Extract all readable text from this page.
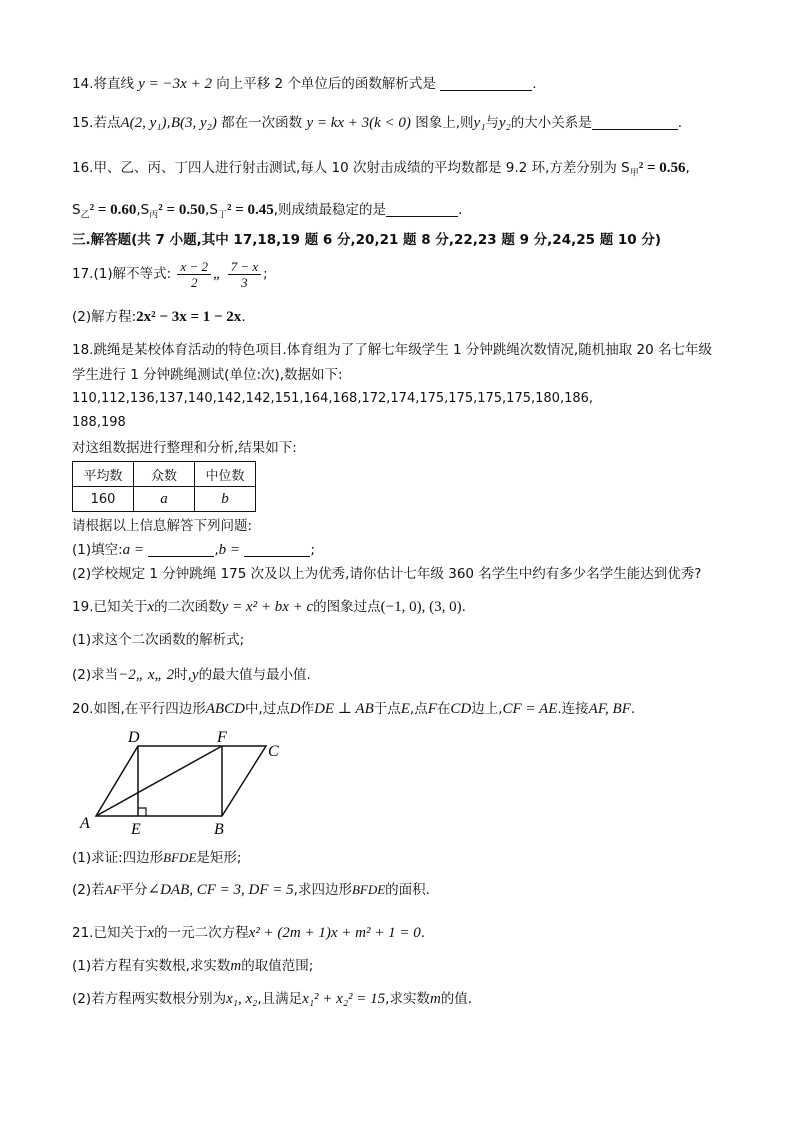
14.将直线 y = −3x + 2 向上平移 2 个单位后的函数解析式是	.
15.若点A(2, y₁),B(3, y₂) 都在一次函数 y = kx + 3(k < 0) 图象上,则y₁与y₂的大小关系是	.
16.甲、乙、丙、丁四人进行射击测试,每人 10 次射击成绩的平均数都是 9.2 环,方差分别为 $S_甲^2 = 0.56$,
$S_乙^2 = 0.60,S_丙^2 = 0.50,S_丁^2 = 0.45$,则成绩最稳定的是	.
三.解答题(共 7 小题,其中 17,18,19 题 6 分,20,21 题 8 分,22,23 题 9 分,24,25 题 10 分)
17.(1)解不等式: $\frac{x - 2}{2}$ „ $\frac{7 - x}{3}$ ;
(2)解方程:2x² − 3x = 1 − 2x.
18.跳绳是某校体育活动的特色项目.体育组为了了解七年级学生 1 分钟跳绳次数情况,随机抽取 20 名七年级
学生进行 1 分钟跳绳测试(单位:次),数据如下:
110,112,136,137,140,142,142,151,164,168,172,174,175,175,175,175,180,186,
188,198
对这组数据进行整理和分析,结果如下:
平均数	众数	中位数
160	a	b
请根据以上信息解答下列问题:
(1)填空:a =	,b =	;
(2)学校规定 1 分钟跳绳 175 次及以上为优秀,请你估计七年级 360 名学生中约有多少名学生能达到优秀?
19.已知关于x的二次函数y = x² + bx + c的图象过点(−1, 0), (3, 0).
(1)求这个二次函数的解析式;
(2)求当−2„ x„ 2时,y的最大值与最小值.
20.如图,在平行四边形ABCD中,过点D作DE ⊥ AB于点E,点F在CD边上,CF = AE.连接AF, BF.
A	B
C
D
E
F
(1)求证:四边形BFDE是矩形;
(2)若AF平分∠DAB, CF = 3, DF = 5,求四边形BFDE的面积.
21.已知关于x的一元二次方程x² + (2m + 1)x + m² + 1 = 0.
(1)若方程有实数根,求实数m的取值范围;
(2)若方程两实数根分别为x₁, x₂,且满足x₁² + x₂² = 15,求实数m的值.
